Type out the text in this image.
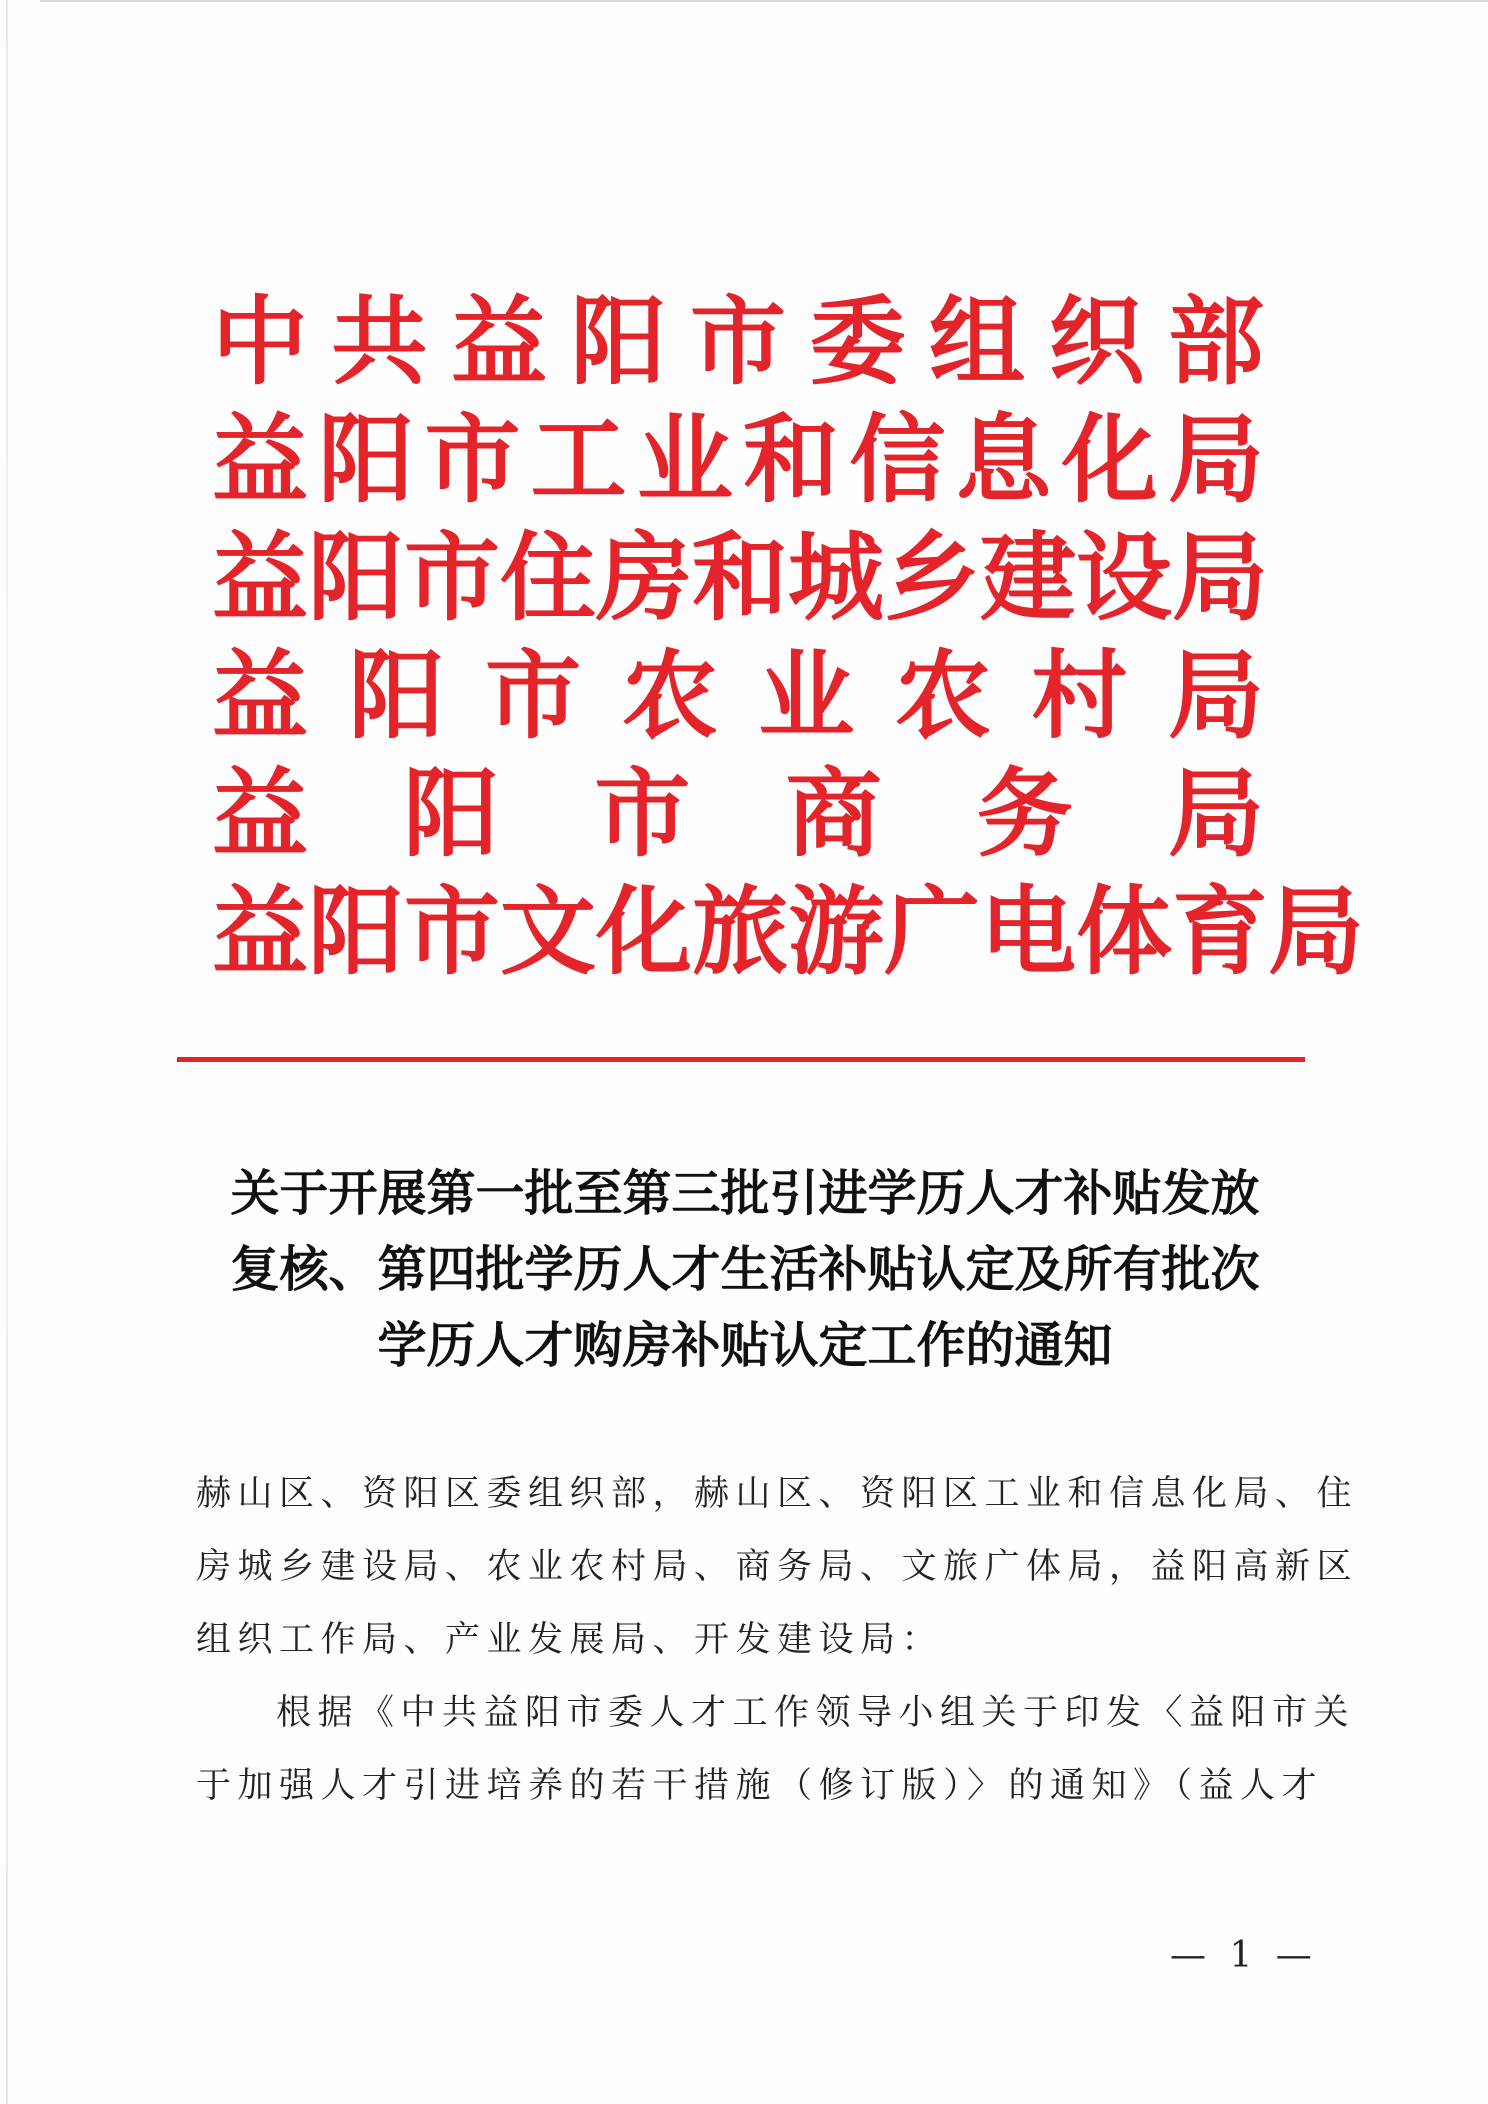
中 共 益 阳 市 委 组 织 部
益 阳 市 工 业 和 信 息 化 局
益 阳 市 住 房 和 城 乡 建 设 局
益 阳 市 农 业 农 村 局
益 阳 市 商 务 局
益 阳 市 文 化 旅 游 广 电 体 育 局
关于开展第一批至第三批引进学历人才补贴发放
复核、第四批学历人才生活补贴认定及所有批次
学历人才购房补贴认定工作的通知
赫山区、资阳区委组织部，赫山区、资阳区工业和信息化局、住
房城乡建设局、农业农村局、商务局、文旅广体局，益阳高新区
组织工作局、产业发展局、开发建设局：
根据《中共益阳市委人才工作领导小组关于印发〈益阳市关
于加强人才引进培养的若干措施（修订版）〉的通知》（益人才
— 1 —
